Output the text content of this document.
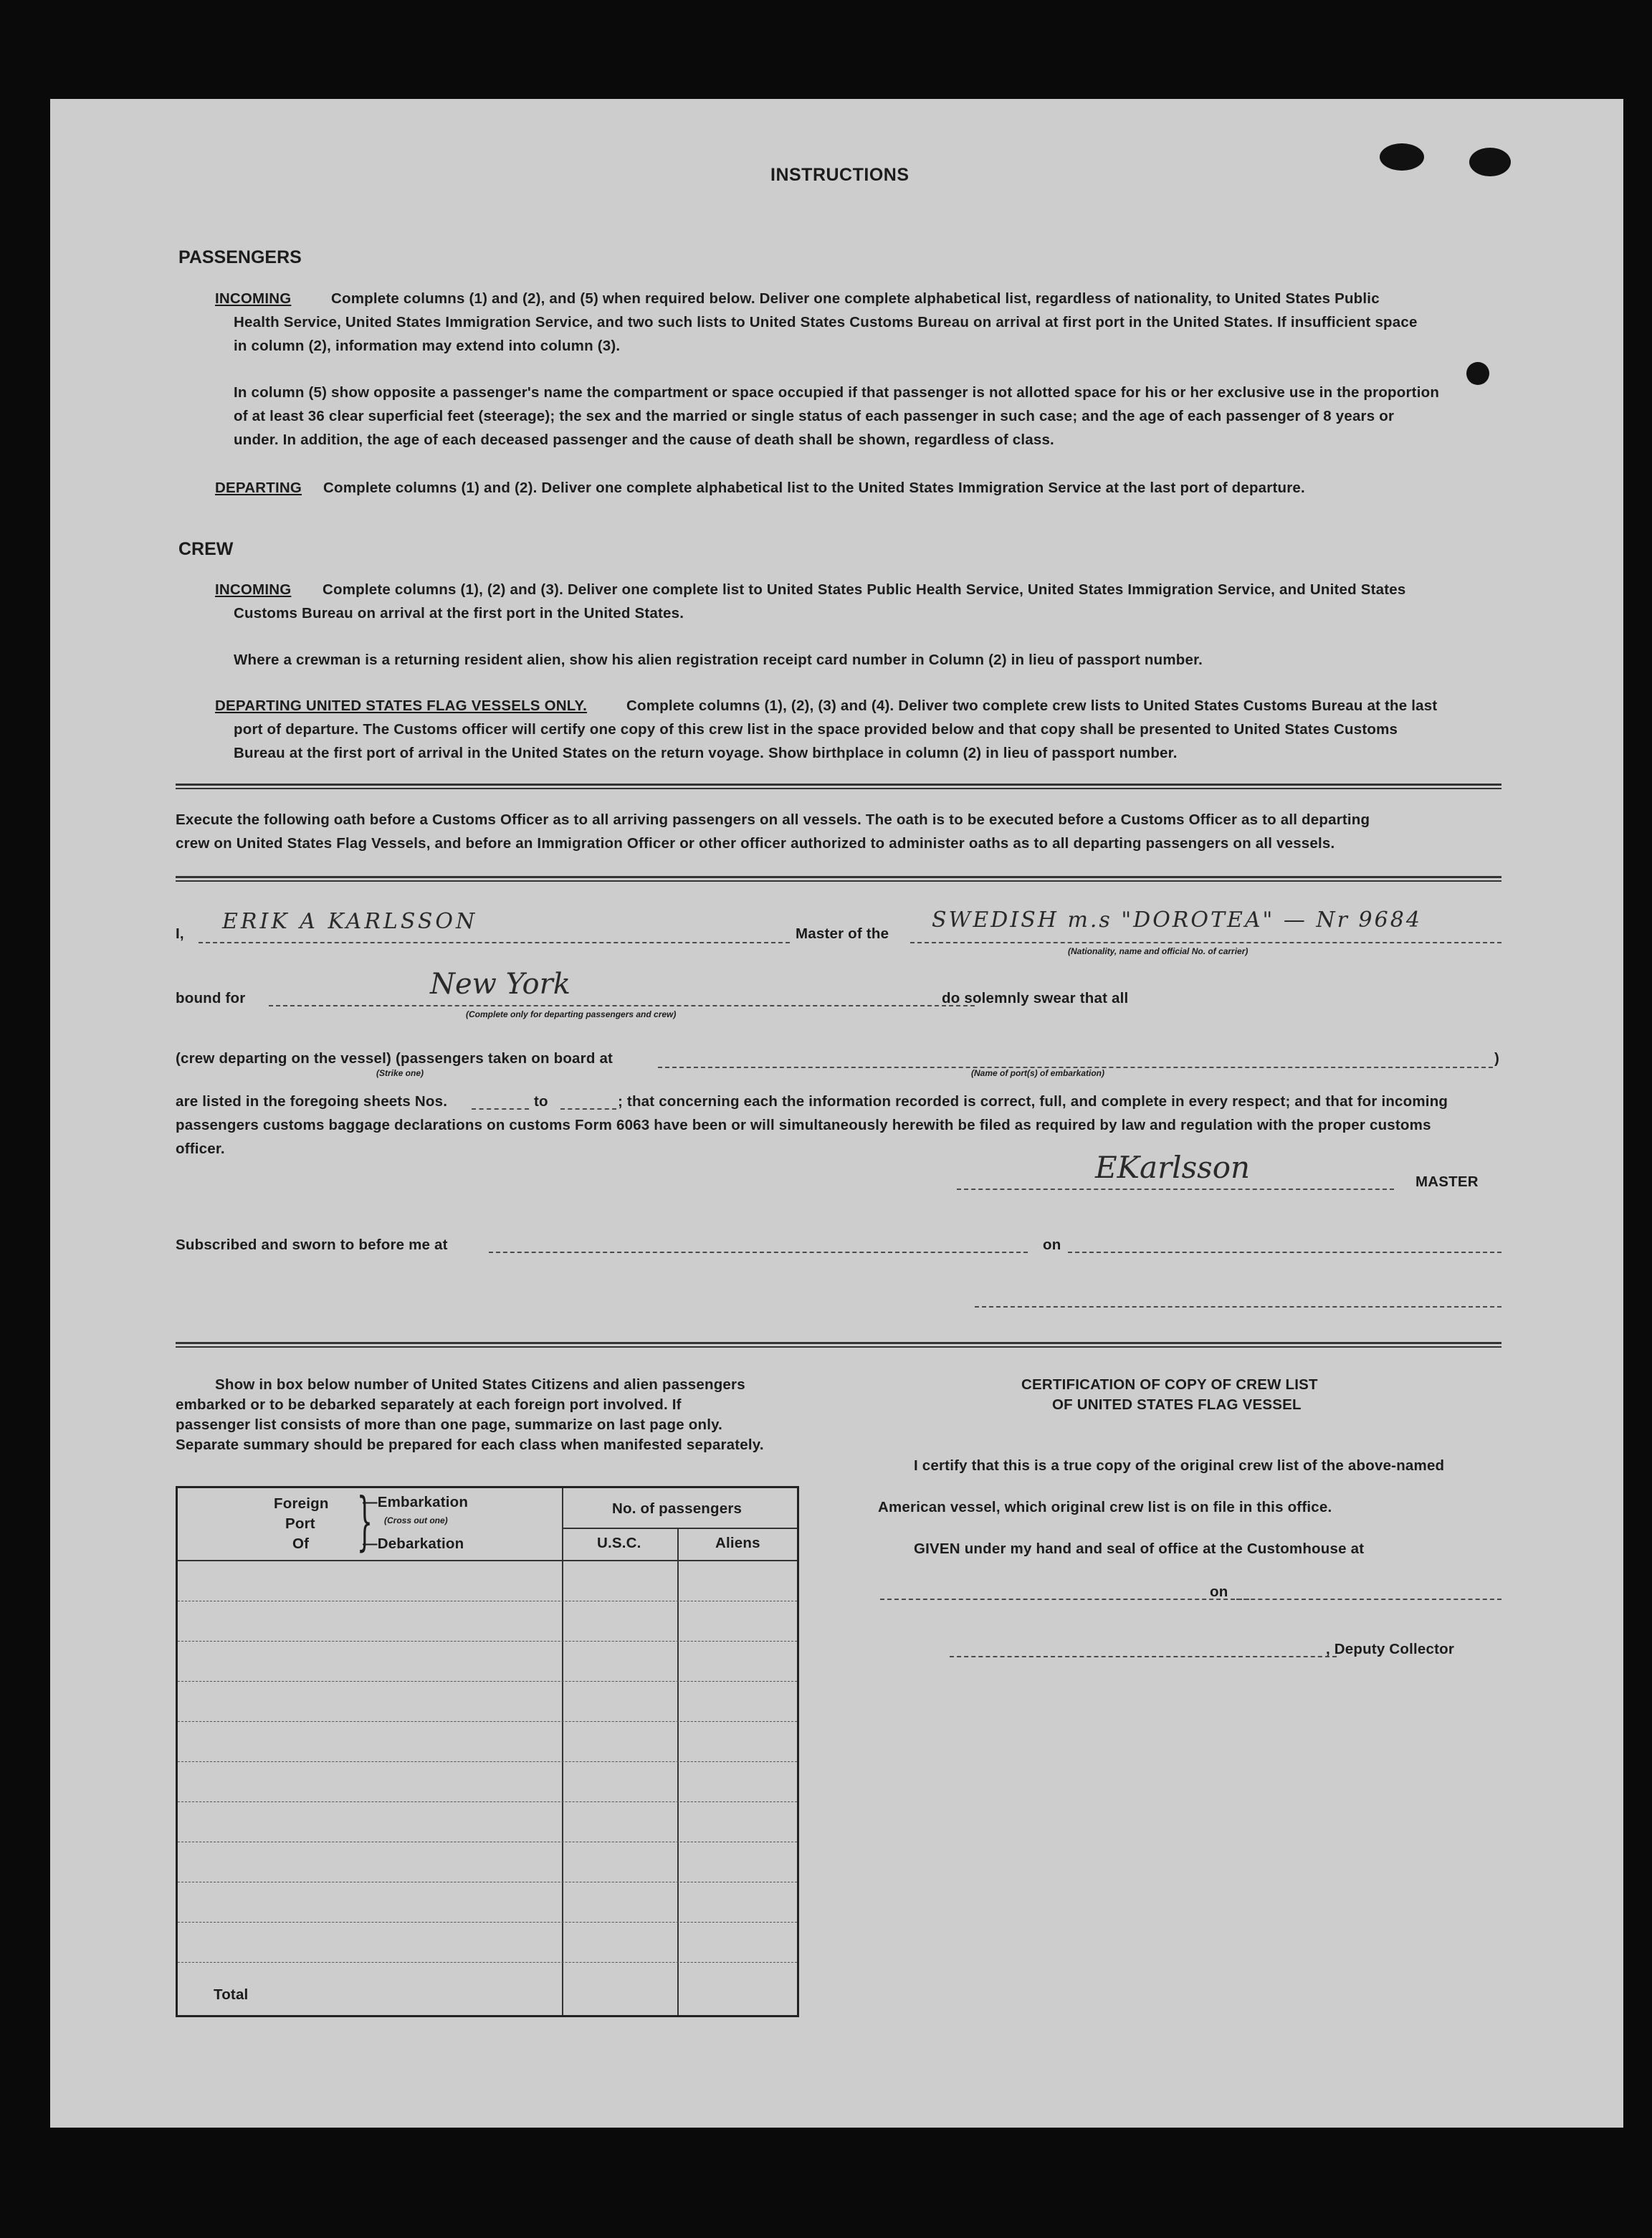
INSTRUCTIONS
PASSENGERS
INCOMING	Complete columns (1) and (2), and (5) when required below. Deliver one complete alphabetical list, regardless of nationality, to United States Public
Health Service, United States Immigration Service, and two such lists to United States Customs Bureau on arrival at first port in the United States. If insufficient space
in column (2), information may extend into column (3).
In column (5) show opposite a passenger's name the compartment or space occupied if that passenger is not allotted space for his or her exclusive use in the proportion
of at least 36 clear superficial feet (steerage); the sex and the married or single status of each passenger in such case; and the age of each passenger of 8 years or
under. In addition, the age of each deceased passenger and the cause of death shall be shown, regardless of class.
DEPARTING Complete columns (1) and (2). Deliver one complete alphabetical list to the United States Immigration Service at the last port of departure.
CREW
INCOMING Complete columns (1), (2) and (3). Deliver one complete list to United States Public Health Service, United States Immigration Service, and United States
Customs Bureau on arrival at the first port in the United States.
Where a crewman is a returning resident alien, show his alien registration receipt card number in Column (2) in lieu of passport number.
DEPARTING UNITED STATES FLAG VESSELS ONLY.	Complete columns (1), (2), (3) and (4). Deliver two complete crew lists to United States Customs Bureau at the last
port of departure. The Customs officer will certify one copy of this crew list in the space provided below and that copy shall be presented to United States Customs
Bureau at the first port of arrival in the United States on the return voyage. Show birthplace in column (2) in lieu of passport number.
Execute the following oath before a Customs Officer as to all arriving passengers on all vessels. The oath is to be executed before a Customs Officer as to all departing
crew on United States Flag Vessels, and before an Immigration Officer or other officer authorized to administer oaths as to all departing passengers on all vessels.
I, ERIK A KARLSSON	Master of the
SWEDISH m.s "DOROTEA" — Nr 9684
(Nationality, name and official No. of carrier)
bound for	New York
(Complete only for departing passengers and crew)
do solemnly swear that all
(crew departing on the vessel) (passengers taken on board at	)
(Strike one)	(Name of port(s) of embarkation)
are listed in the foregoing sheets Nos.	to	; that concerning each the information recorded is correct, full, and complete in every respect; and that for incoming
passengers customs baggage declarations on customs Form 6063 have been or will simultaneously herewith be filed as required by law and regulation with the proper customs
officer.
EKarlsson	MASTER
Subscribed and sworn to before me at	on
Show in box below number of United States Citizens and alien passengers
embarked or to be debarked separately at each foreign port involved. If
passenger list consists of more than one page, summarize on last page only.
Separate summary should be prepared for each class when manifested separately.
Foreign
Port
Of }
—Embarkation
(Cross out one)
—Debarkation
No. of passengers
U.S.C.	Aliens
Total
CERTIFICATION OF COPY OF CREW LIST
OF UNITED STATES FLAG VESSEL
I certify that this is a true copy of the original crew list of the above-named
American vessel, which original crew list is on file in this office.
GIVEN under my hand and seal of office at the Customhouse at
on
, Deputy Collector
